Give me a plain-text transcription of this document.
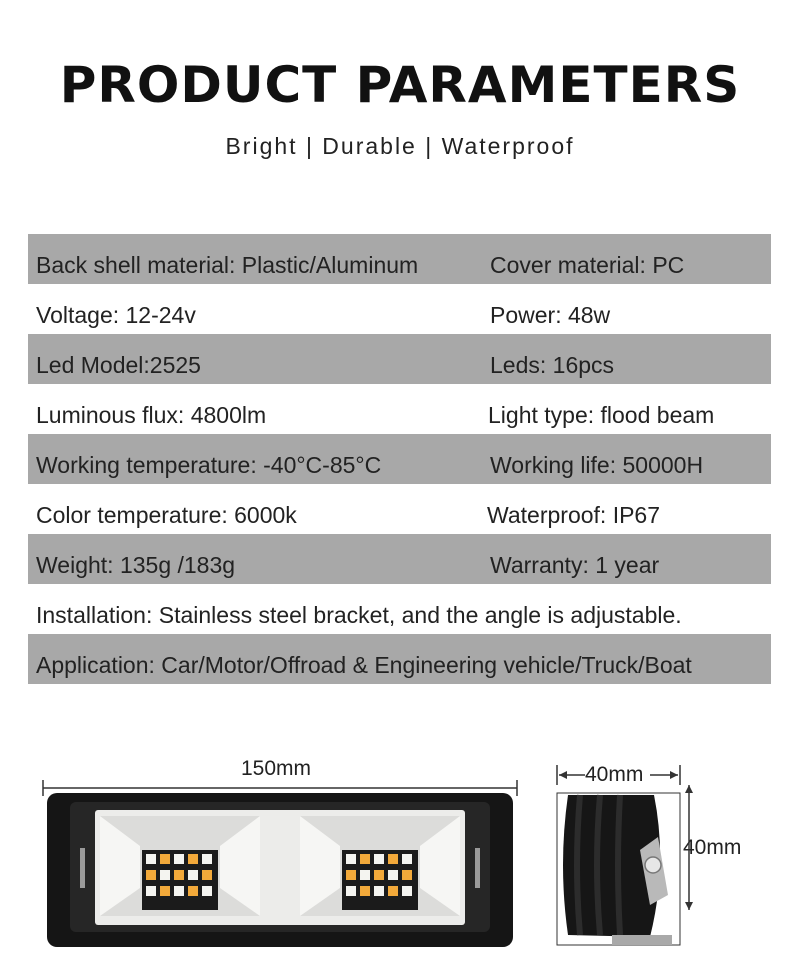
PRODUCT PARAMETERS
Bright | Durable | Waterproof
Back shell material: Plastic/Aluminum	Cover material: PC
Voltage: 12-24v	Power: 48w
Led Model:2525	Leds: 16pcs
Luminous flux: 4800lm	Light type: flood beam
Working temperature: -40°C-85°C	Working life: 50000H
Color temperature: 6000k	Waterproof: IP67
Weight: 135g /183g	Warranty: 1 year
Installation: Stainless steel bracket, and the angle is adjustable.
Application: Car/Motor/Offroad & Engineering vehicle/Truck/Boat
150mm	40mm
40mm
